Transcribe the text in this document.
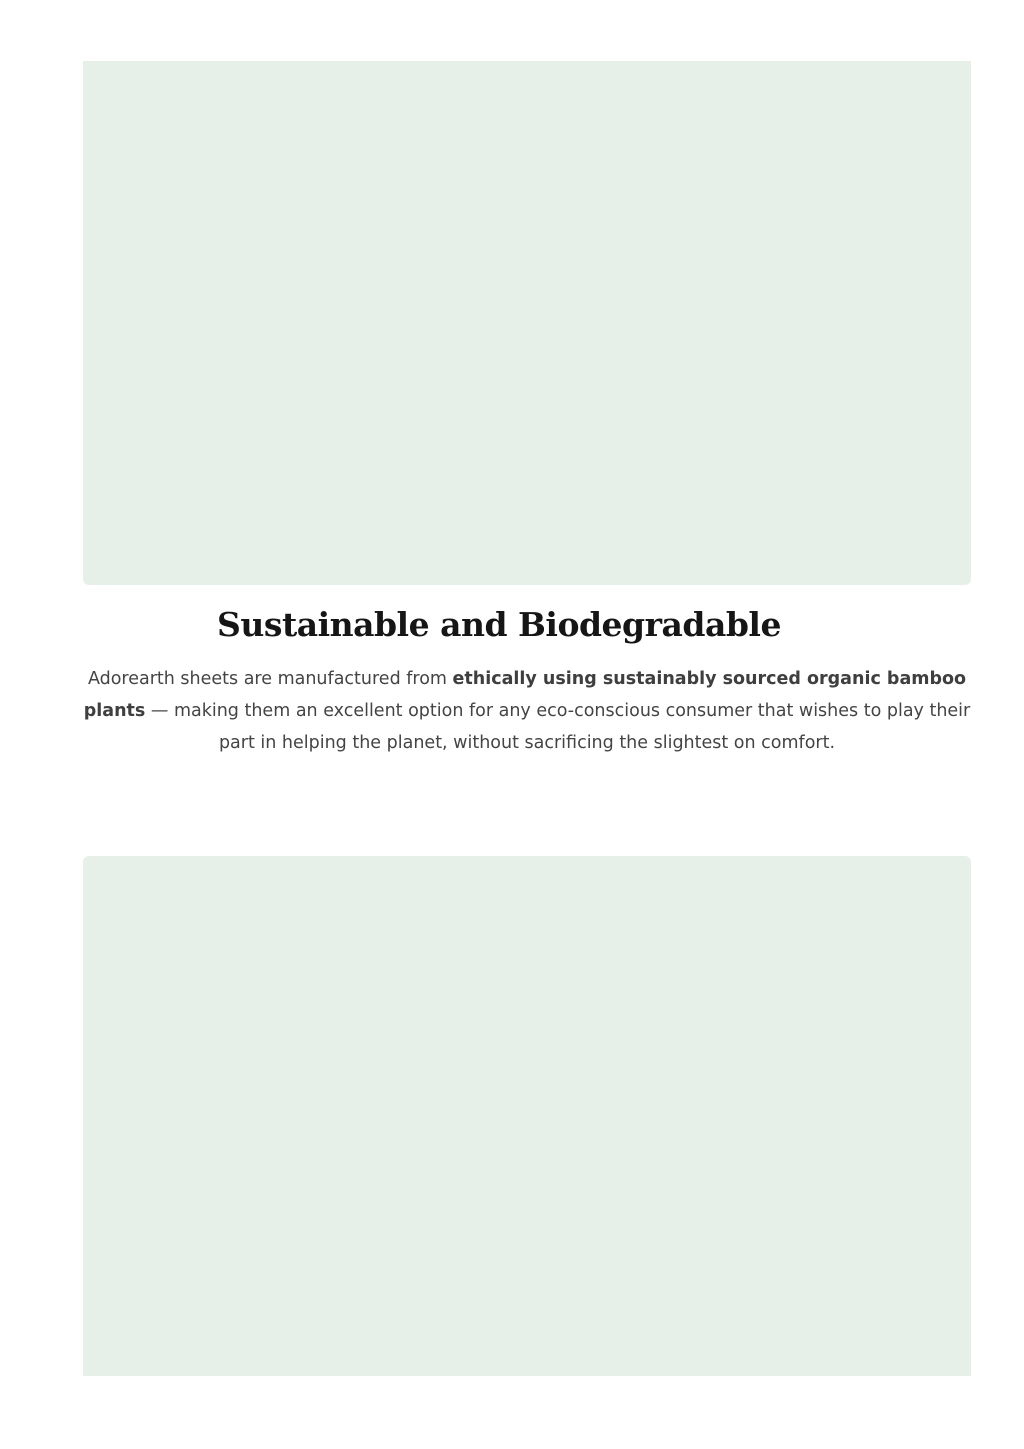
Sustainable and Biodegradable

Adorearth sheets are manufactured from ethically using sustainably sourced organic bamboo plants — making them an excellent option for any eco-conscious consumer that wishes to play their part in helping the planet, without sacrificing the slightest on comfort.
